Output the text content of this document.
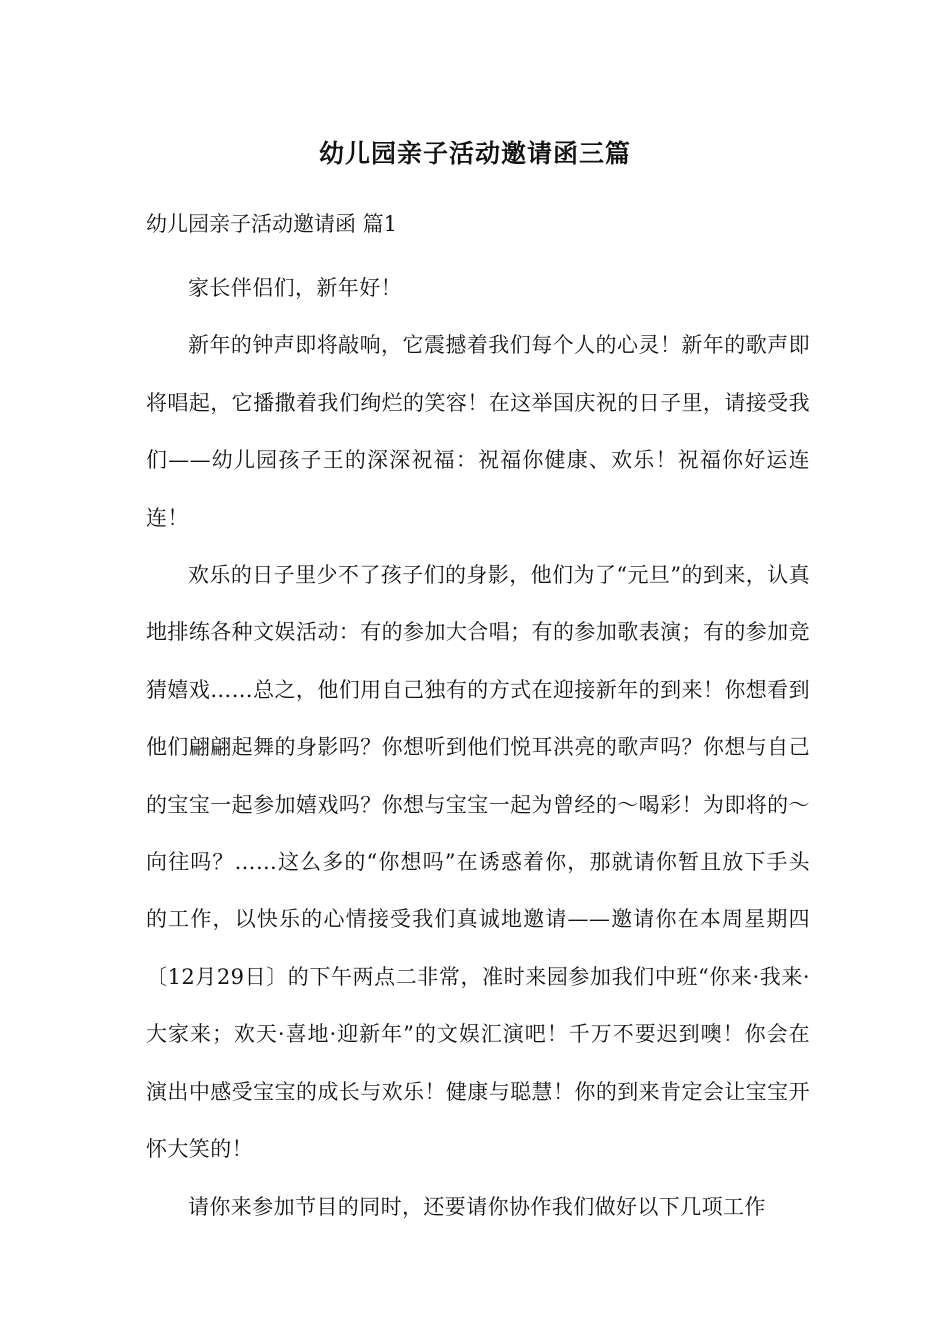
幼儿园亲子活动邀请函三篇

幼儿园亲子活动邀请函 篇1

家长伴侣们，新年好！

新年的钟声即将敲响，它震撼着我们每个人的心灵！新年的歌声即将唱起，它播撒着我们绚烂的笑容！在这举国庆祝的日子里，请接受我们——幼儿园孩子王的深深祝福：祝福你健康、欢乐！祝福你好运连连！

欢乐的日子里少不了孩子们的身影，他们为了“元旦”的到来，认真地排练各种文娱活动：有的参加大合唱；有的参加歌表演；有的参加竞猜嬉戏……总之，他们用自己独有的方式在迎接新年的到来！你想看到他们翩翩起舞的身影吗？你想听到他们悦耳洪亮的歌声吗？你想与自己的宝宝一起参加嬉戏吗？你想与宝宝一起为曾经的～喝彩！为即将的～向往吗？……这么多的“你想吗”在诱惑着你，那就请你暂且放下手头的工作，以快乐的心情接受我们真诚地邀请——邀请你在本周星期四〔12月29日〕的下午两点二非常，准时来园参加我们中班“你来·我来·大家来；欢天·喜地·迎新年”的文娱汇演吧！千万不要迟到噢！你会在演出中感受宝宝的成长与欢乐！健康与聪慧！你的到来肯定会让宝宝开怀大笑的！

请你来参加节目的同时，还要请你协作我们做好以下几项工作
